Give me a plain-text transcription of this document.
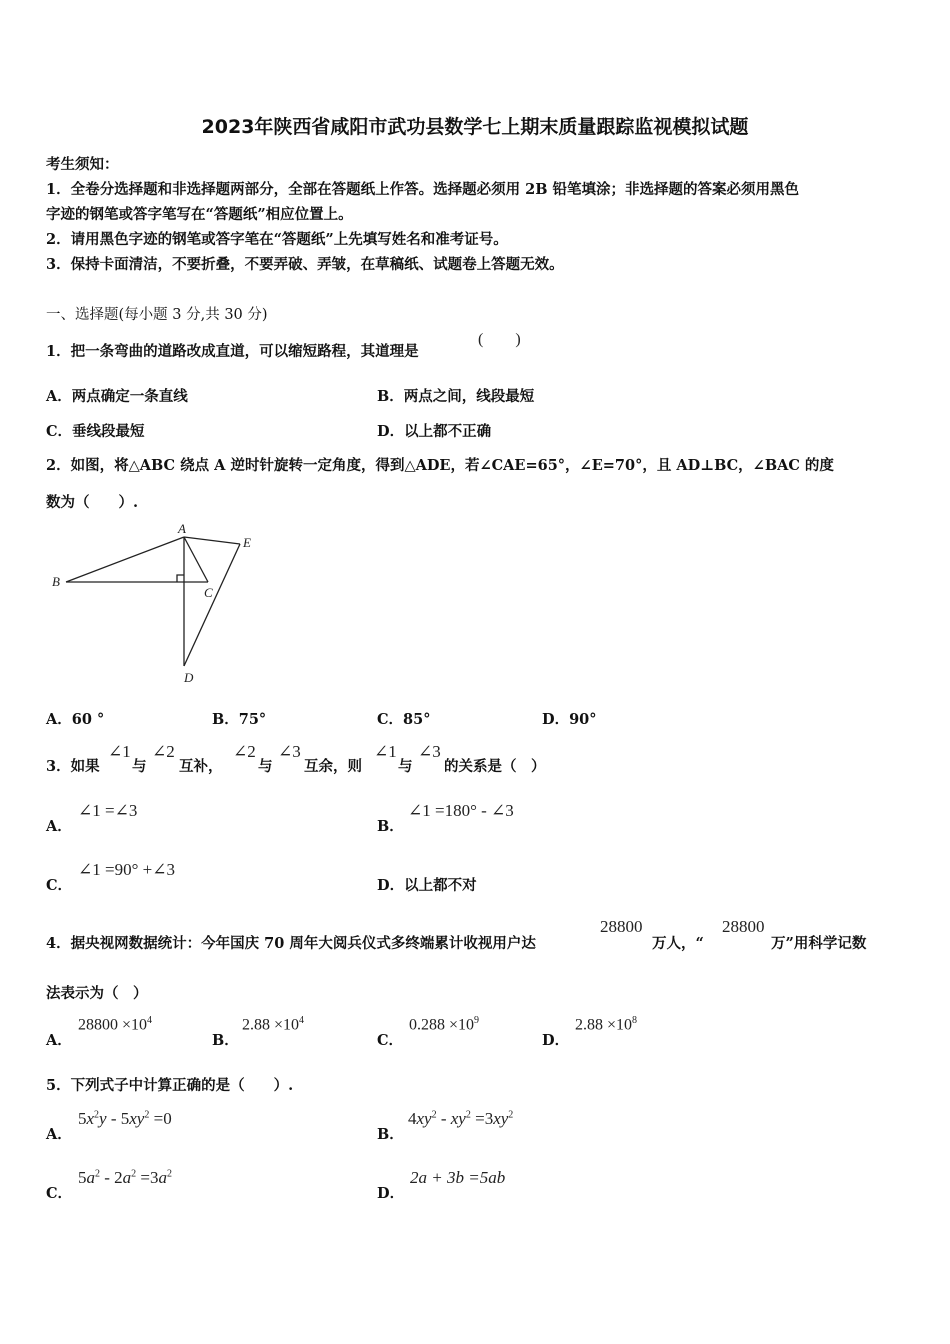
2023年陕西省咸阳市武功县数学七上期末质量跟踪监视模拟试题
考生须知：
1．全卷分选择题和非选择题两部分，全部在答题纸上作答。选择题必须用 2B 铅笔填涂；非选择题的答案必须用黑色
字迹的钢笔或答字笔写在“答题纸”相应位置上。
2．请用黑色字迹的钢笔或答字笔在“答题纸”上先填写姓名和准考证号。
3．保持卡面清洁，不要折叠，不要弄破、弄皱，在草稿纸、试题卷上答题无效。
一、选择题(每小题 3 分,共 30 分)
1．把一条弯曲的道路改成直道，可以缩短路程，其道理是
(　　)
A．两点确定一条直线	B．两点之间，线段最短
C．垂线段最短	D．以上都不正确
2．如图，将△ABC 绕点 A 逆时针旋转一定角度，得到△ADE，若∠CAE=65°，∠E=70°，且 AD⊥BC，∠BAC 的度
数为（　　）.
A
B
C
D
E
A．60 °	B．75°	C．85°	D．90°
3．如果
∠1
与
∠2
互补，
∠2
与
∠3
互余，则
∠1
与
∠3
的关系是（　）
A．
∠1 =∠3
B．
∠1 =180° - ∠3
C．
∠1 =90° +∠3
D．以上都不对
4．据央视网数据统计：今年国庆 70 周年大阅兵仪式多终端累计收视用户达
28800
万人，“
28800
万”用科学记数
法表示为（　）
A．
$28800 \times 10^4$
B．
$2.88 \times 10^4$
C．
$0.288 \times 10^9$
D．
$2.88 \times 10^8$
5．下列式子中计算正确的是（　　）.
A．
$5x^2y - 5xy^2 =0$
B．
$4xy^2 - xy^2 =3xy^2$
C．
$5a^2 - 2a^2 =3a^2$
D．
2a + 3b =5ab
